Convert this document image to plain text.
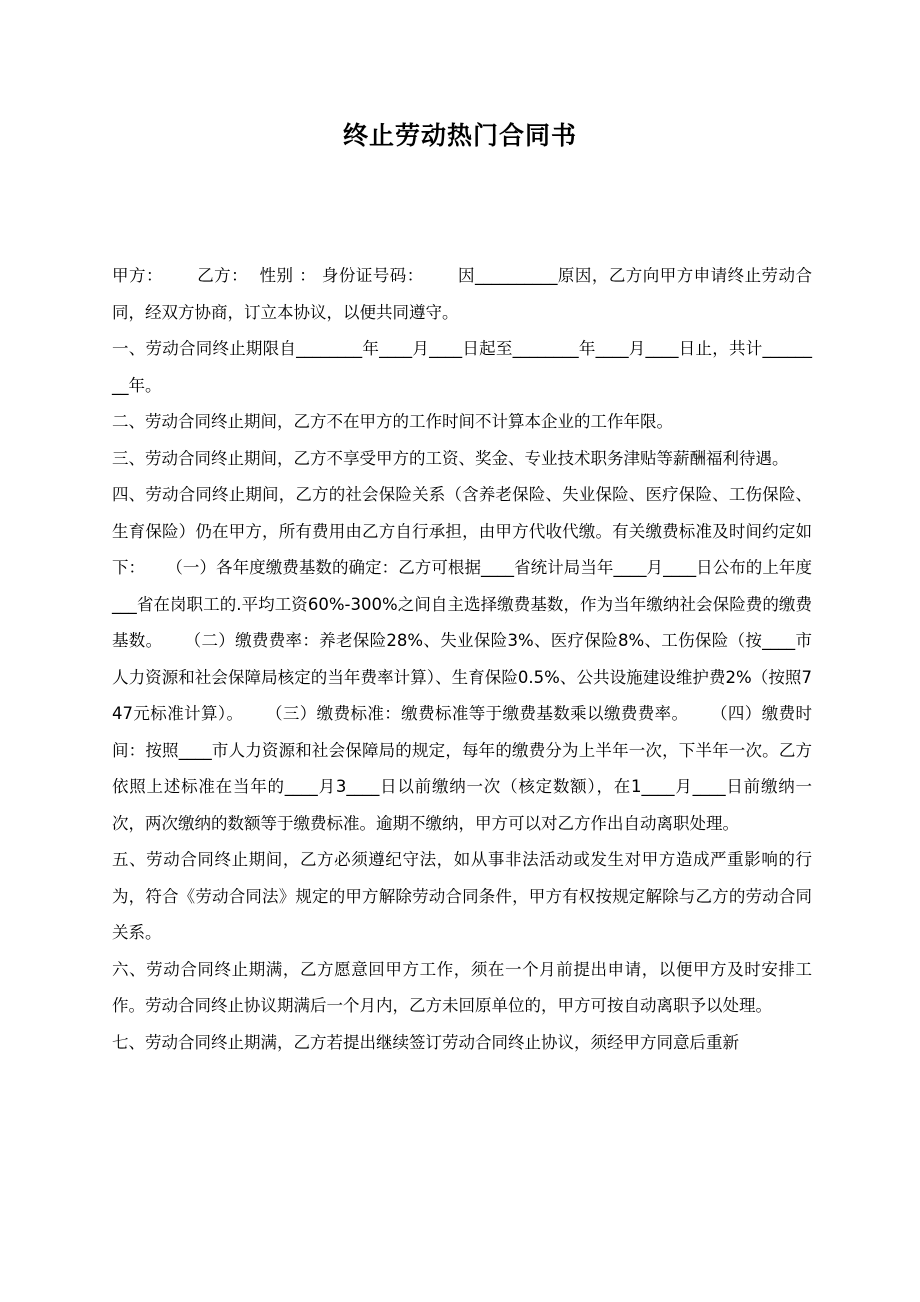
终止劳动热门合同书

甲方：      乙方：  性别 ： 身份证号码：      因__________原因，乙方向甲方申请终止劳动合同，经双方协商，订立本协议，以便共同遵守。

一、劳动合同终止期限自________年____月____日起至________年____月____日止，共计________年。

二、劳动合同终止期间，乙方不在甲方的工作时间不计算本企业的工作年限。

三、劳动合同终止期间，乙方不享受甲方的工资、奖金、专业技术职务津贴等薪酬福利待遇。

四、劳动合同终止期间，乙方的社会保险关系（含养老保险、失业保险、医疗保险、工伤保险、生育保险）仍在甲方，所有费用由乙方自行承担，由甲方代收代缴。有关缴费标准及时间约定如下：    （一）各年度缴费基数的确定：乙方可根据____省统计局当年____月____日公布的上年度___省在岗职工的.平均工资60%-300%之间自主选择缴费基数，作为当年缴纳社会保险费的缴费基数。    （二）缴费费率：养老保险28%、失业保险3%、医疗保险8%、工伤保险（按____市人力资源和社会保障局核定的当年费率计算）、生育保险0.5%、公共设施建设维护费2%（按照747元标准计算）。    （三）缴费标准：缴费标准等于缴费基数乘以缴费费率。    （四）缴费时间：按照____市人力资源和社会保障局的规定，每年的缴费分为上半年一次，下半年一次。乙方依照上述标准在当年的____月3____日以前缴纳一次（核定数额），在1____月____日前缴纳一次，两次缴纳的数额等于缴费标准。逾期不缴纳，甲方可以对乙方作出自动离职处理。

五、劳动合同终止期间，乙方必须遵纪守法，如从事非法活动或发生对甲方造成严重影响的行为，符合《劳动合同法》规定的甲方解除劳动合同条件，甲方有权按规定解除与乙方的劳动合同关系。

六、劳动合同终止期满，乙方愿意回甲方工作，须在一个月前提出申请，以便甲方及时安排工作。劳动合同终止协议期满后一个月内，乙方未回原单位的，甲方可按自动离职予以处理。

七、劳动合同终止期满，乙方若提出继续签订劳动合同终止协议，须经甲方同意后重新
